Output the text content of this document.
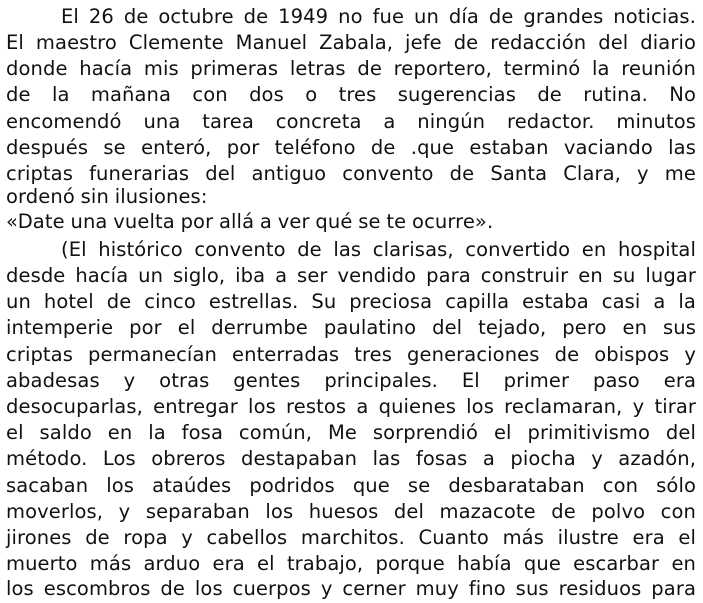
El 26 de octubre de 1949 no fue un día de grandes noticias.
El maestro Clemente Manuel Zabala, jefe de redacción del diario
donde hacía mis primeras letras de reportero, terminó la reunión
de la mañana con dos o tres sugerencias de rutina. No
encomendó una tarea concreta a ningún redactor. minutos
después se enteró, por teléfono de .que estaban vaciando las
criptas funerarias del antiguo convento de Santa Clara, y me
ordenó sin ilusiones:
«Date una vuelta por allá a ver qué se te ocurre».
(El histórico convento de las clarisas, convertido en hospital
desde hacía un siglo, iba a ser vendido para construir en su lugar
un hotel de cinco estrellas. Su preciosa capilla estaba casi a la
intemperie por el derrumbe paulatino del tejado, pero en sus
criptas permanecían enterradas tres generaciones de obispos y
abadesas y otras gentes principales. El primer paso era
desocuparlas, entregar los restos a quienes los reclamaran, y tirar
el saldo en la fosa común, Me sorprendió el primitivismo del
método. Los obreros destapaban las fosas a piocha y azadón,
sacaban los ataúdes podridos que se desbarataban con sólo
moverlos, y separaban los huesos del mazacote de polvo con
jirones de ropa y cabellos marchitos. Cuanto más ilustre era el
muerto más arduo era el trabajo, porque había que escarbar en
los escombros de los cuerpos y cerner muy fino sus residuos para
